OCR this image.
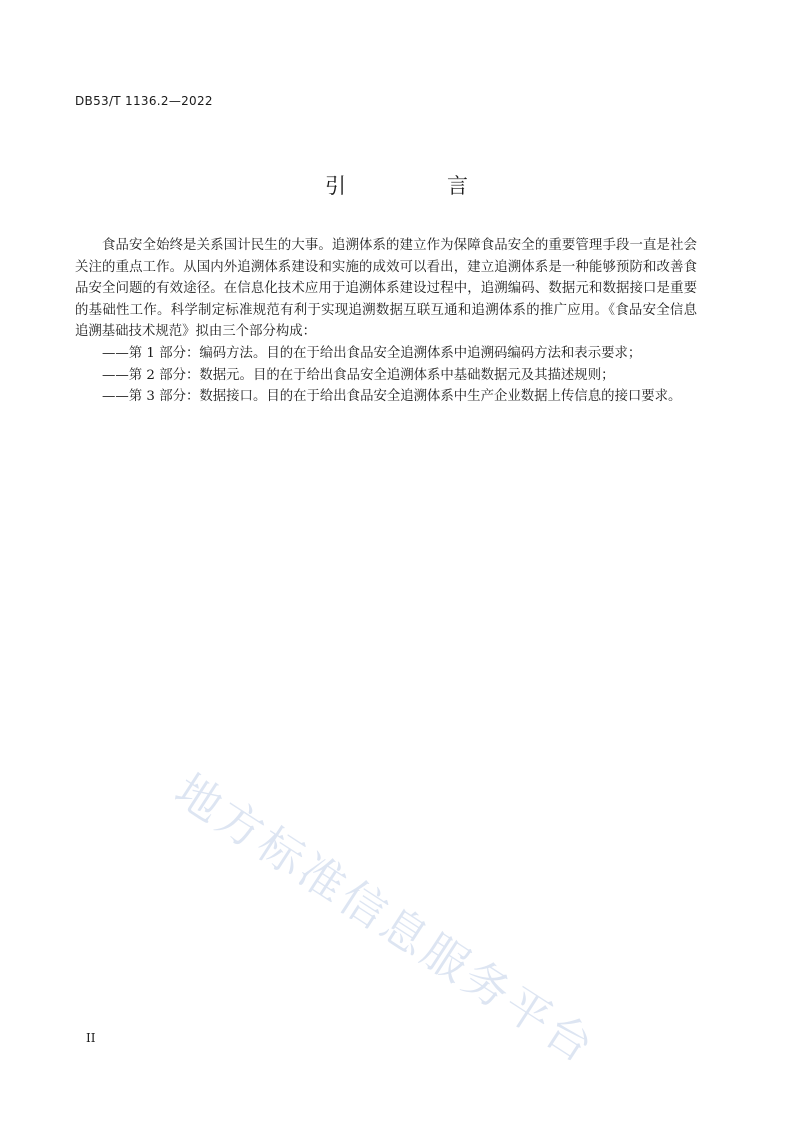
DB53/T 1136.2—2022
引　言

食品安全始终是关系国计民生的大事。追溯体系的建立作为保障食品安全的重要管理手段一直是社会关注的重点工作。从国内外追溯体系建设和实施的成效可以看出，建立追溯体系是一种能够预防和改善食品安全问题的有效途径。在信息化技术应用于追溯体系建设过程中，追溯编码、数据元和数据接口是重要的基础性工作。科学制定标准规范有利于实现追溯数据互联互通和追溯体系的推广应用。《食品安全信息追溯基础技术规范》拟由三个部分构成：

——第 1 部分：编码方法。目的在于给出食品安全追溯体系中追溯码编码方法和表示要求；
——第 2 部分：数据元。目的在于给出食品安全追溯体系中基础数据元及其描述规则；
——第 3 部分：数据接口。目的在于给出食品安全追溯体系中生产企业数据上传信息的接口要求。
地方标准信息服务平台
II
